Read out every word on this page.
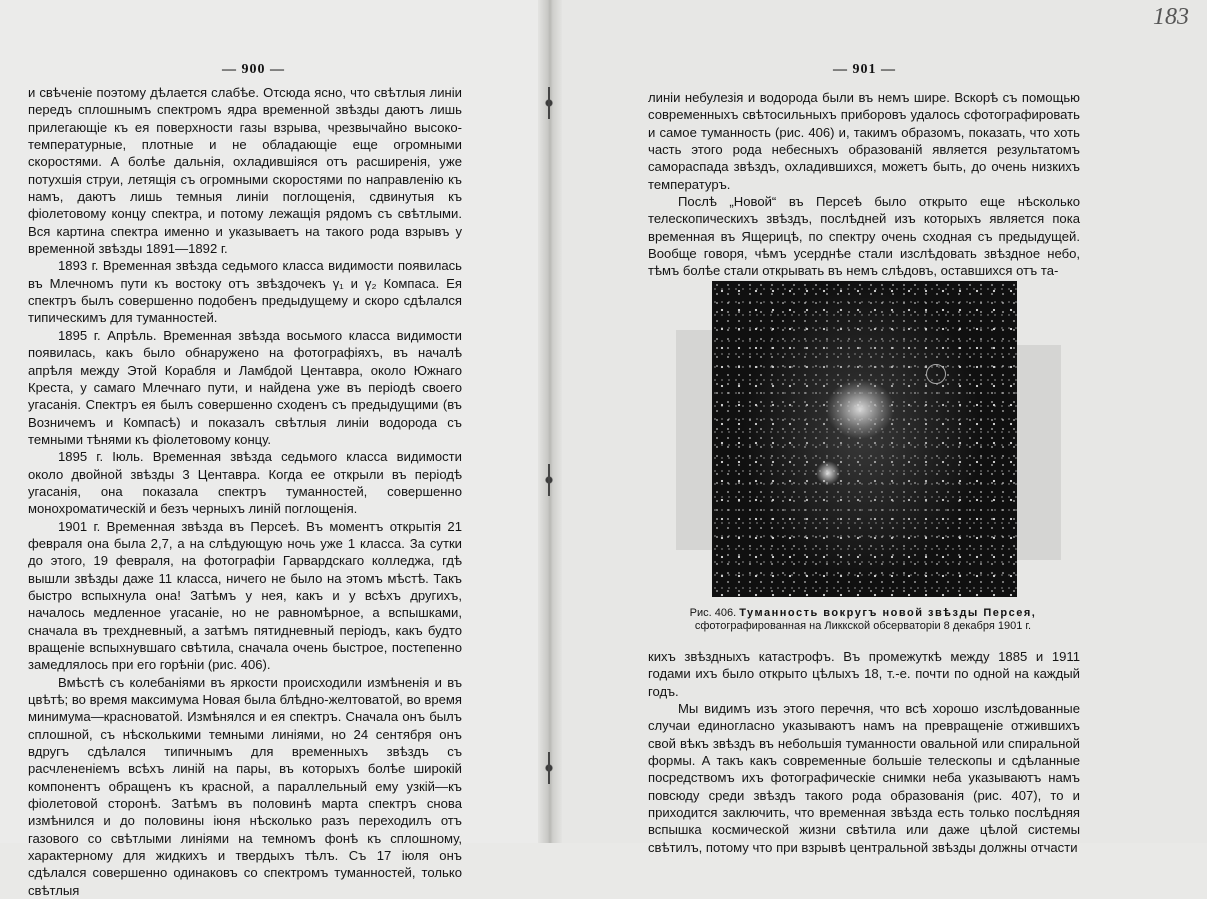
183
— 900 —	— 901 —

и свѣченіе поэтому дѣлается слабѣе. Отсюда ясно, что свѣтлыя линіи передъ сплошнымъ спектромъ ядра временной звѣзды даютъ лишь прилегающіе къ ея поверхности газы взрыва, чрезвычайно высоко-температурные, плотные и не обладающіе еще огромными скоростями. А болѣе дальнія, охладившіяся отъ расширенія, уже потухшія струи, летящія съ огромными скоростями по направленію къ намъ, даютъ лишь темныя линіи поглощенія, сдвинутыя къ фіолетовому концу спектра, и потому лежащія рядомъ съ свѣтлыми. Вся картина спектра именно и указываетъ на такого рода взрывъ у временной звѣзды 1891—1892 г.

1893 г. Временная звѣзда седьмого класса видимости появилась въ Млечномъ пути къ востоку отъ звѣздочекъ γ₁ и γ₂ Компаса. Ея спектръ былъ совершенно подобенъ предыдущему и скоро сдѣлался типическимъ для туманностей.

1895 г. Апрѣль. Временная звѣзда восьмого класса видимости появилась, какъ было обнаружено на фотографіяхъ, въ началѣ апрѣля между Этой Корабля и Ламбдой Центавра, около Южнаго Креста, у самаго Млечнаго пути, и найдена уже въ періодѣ своего угасанія. Спектръ ея былъ совершенно сходенъ съ предыдущими (въ Возничемъ и Компасѣ) и показалъ свѣтлыя линіи водорода съ темными тѣнями къ фіолетовому концу.

1895 г. Іюль. Временная звѣзда седьмого класса видимости около двойной звѣзды 3 Центавра. Когда ее открыли въ періодѣ угасанія, она показала спектръ туманностей, совершенно монохроматическій и безъ черныхъ линій поглощенія.

1901 г. Временная звѣзда въ Персеѣ. Въ моментъ открытія 21 февраля она была 2,7, а на слѣдующую ночь уже 1 класса. За сутки до этого, 19 февраля, на фотографіи Гарвардскаго колледжа, гдѣ вышли звѣзды даже 11 класса, ничего не было на этомъ мѣстѣ. Такъ быстро вспыхнула она! Затѣмъ у нея, какъ и у всѣхъ другихъ, началось медленное угасаніе, но не равномѣрное, а вспышками, сначала въ трехдневный, а затѣмъ пятидневный періодъ, какъ будто вращеніе вспыхнувшаго свѣтила, сначала очень быстрое, постепенно замедлялось при его горѣніи (рис. 406).

Вмѣстѣ съ колебаніями въ яркости происходили измѣненія и въ цвѣтѣ; во время максимума Новая была блѣдно-желтоватой, во время минимума—красноватой. Измѣнялся и ея спектръ. Сначала онъ былъ сплошной, съ нѣсколькими темными линіями, но 24 сентября онъ вдругъ сдѣлался типичнымъ для временныхъ звѣздъ съ расчлененіемъ всѣхъ линій на пары, въ которыхъ болѣе широкій компонентъ обращенъ къ красной, а параллельный ему узкій—къ фіолетовой сторонѣ. Затѣмъ въ половинѣ марта спектръ снова измѣнился и до половины іюня нѣсколько разъ переходилъ отъ газового со свѣтлыми линіями на темномъ фонѣ къ сплошному, характерному для жидкихъ и твердыхъ тѣлъ. Съ 17 іюля онъ сдѣлался совершенно одинаковъ со спектромъ туманностей, только свѣтлыя

линіи небулезія и водорода были въ немъ шире. Вскорѣ съ помощью современныхъ свѣтосильныхъ приборовъ удалось сфотографировать и самое туманность (рис. 406) и, такимъ образомъ, показать, что хоть часть этого рода небесныхъ образованій является результатомъ самораспада звѣздъ, охладившихся, можетъ быть, до очень низкихъ температуръ.

Послѣ „Новой“ въ Персеѣ было открыто еще нѣсколько телескопическихъ звѣздъ, послѣдней изъ которыхъ является пока временная въ Ящерицѣ, по спектру очень сходная съ предыдущей. Вообще говоря, чѣмъ усерднѣе стали изслѣдовать звѣздное небо, тѣмъ болѣе стали открывать въ немъ слѣдовъ, оставшихся отъ та-

Рис. 406. Туманность вокругъ новой звѣзды Персея, сфотографированная на Ликкской обсерваторіи 8 декабря 1901 г.

кихъ звѣздныхъ катастрофъ. Въ промежуткѣ между 1885 и 1911 годами ихъ было открыто цѣлыхъ 18, т.-е. почти по одной на каждый годъ.

Мы видимъ изъ этого перечня, что всѣ хорошо изслѣдованные случаи единогласно указываютъ намъ на превращеніе отжившихъ свой вѣкъ звѣздъ въ небольшія туманности овальной или спиральной формы. А такъ какъ современные большіе телескопы и сдѣланные посредствомъ ихъ фотографическіе снимки неба указываютъ намъ повсюду среди звѣздъ такого рода образованія (рис. 407), то и приходится заключить, что временная звѣзда есть только послѣдняя вспышка космической жизни свѣтила или даже цѣлой системы свѣтилъ, потому что при взрывѣ центральной звѣзды должны отчасти
